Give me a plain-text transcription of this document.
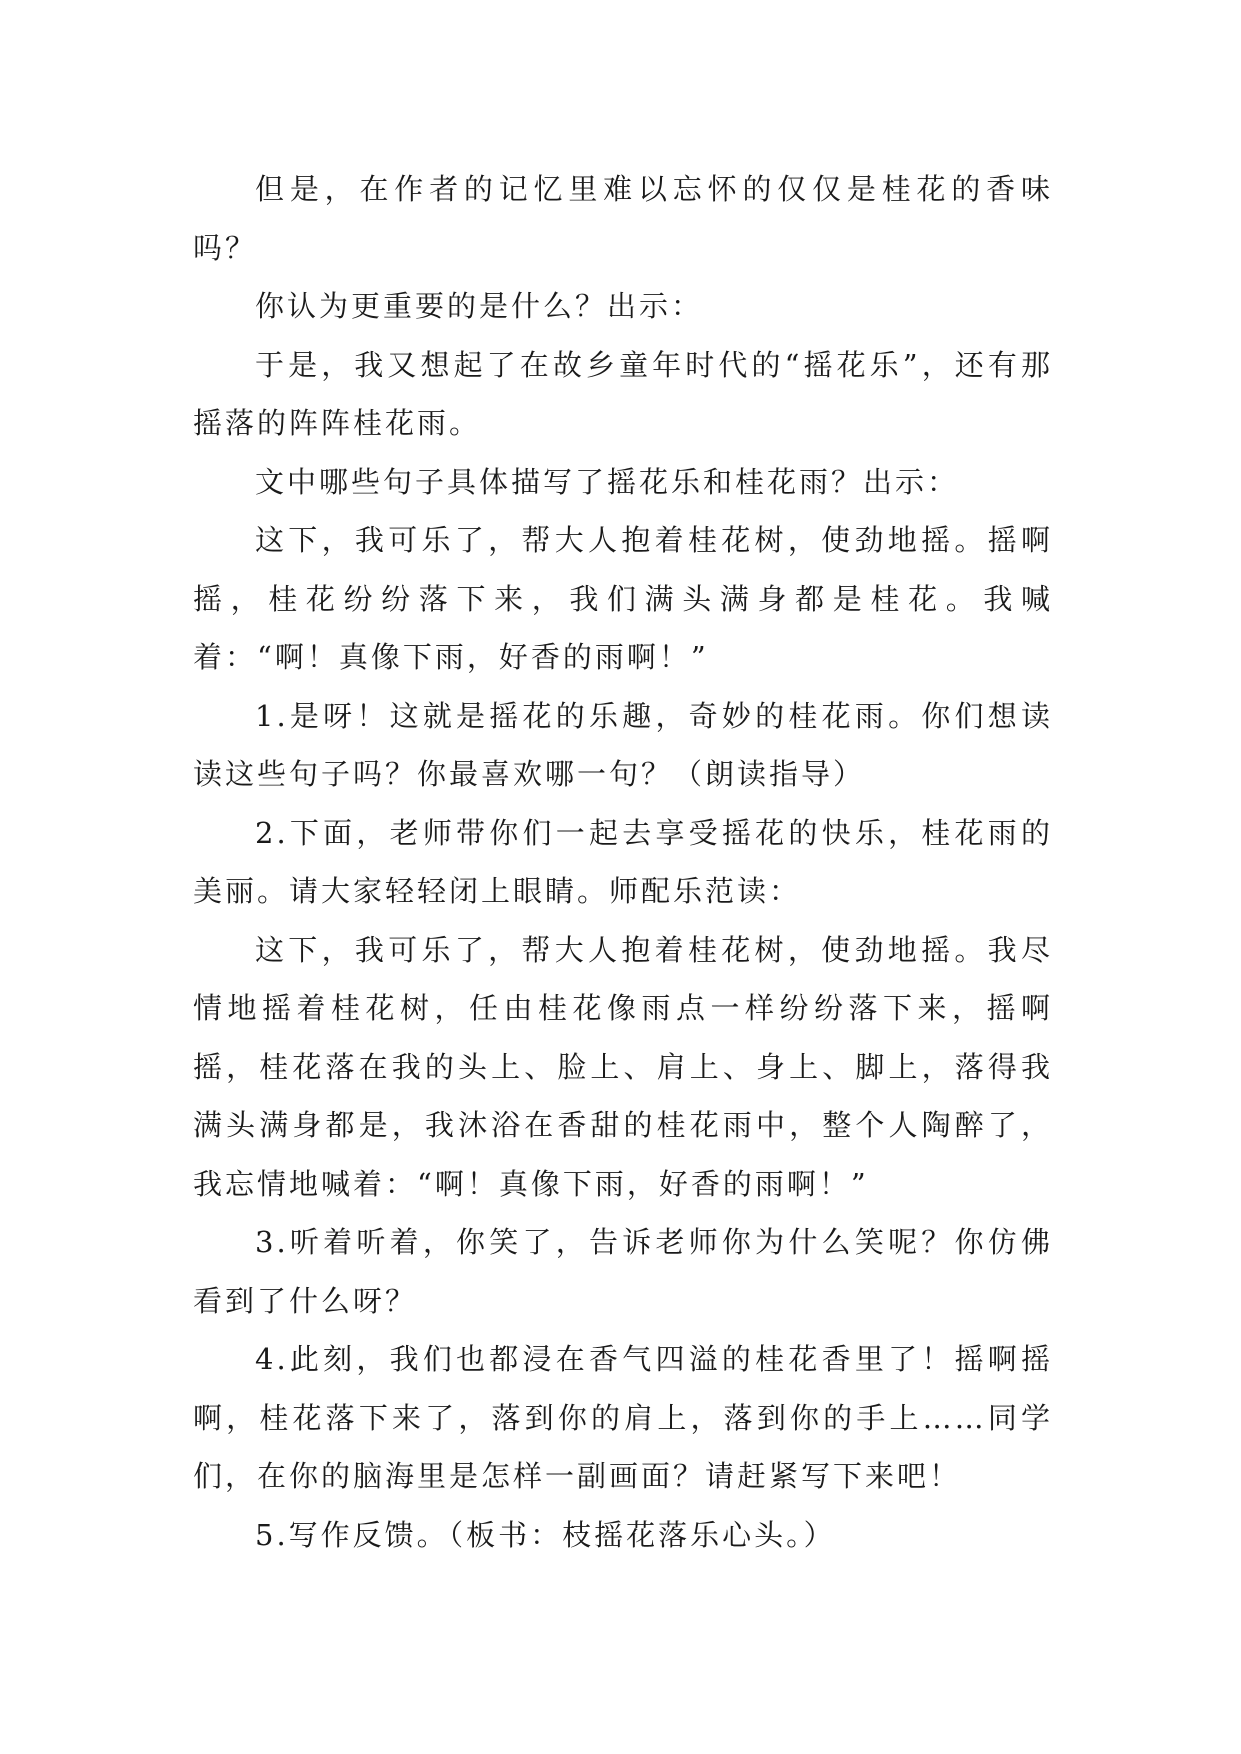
但是，在作者的记忆里难以忘怀的仅仅是桂花的香味吗？

你认为更重要的是什么？出示：

于是，我又想起了在故乡童年时代的“摇花乐”，还有那摇落的阵阵桂花雨。

文中哪些句子具体描写了摇花乐和桂花雨？出示：

这下，我可乐了，帮大人抱着桂花树，使劲地摇。摇啊摇，桂花纷纷落下来，我们满头满身都是桂花。我喊着：“啊！真像下雨，好香的雨啊！”

1.是呀！这就是摇花的乐趣，奇妙的桂花雨。你们想读读这些句子吗？你最喜欢哪一句？（朗读指导）

2.下面，老师带你们一起去享受摇花的快乐，桂花雨的美丽。请大家轻轻闭上眼睛。师配乐范读：

这下，我可乐了，帮大人抱着桂花树，使劲地摇。我尽情地摇着桂花树，任由桂花像雨点一样纷纷落下来，摇啊摇，桂花落在我的头上、脸上、肩上、身上、脚上，落得我满头满身都是，我沐浴在香甜的桂花雨中，整个人陶醉了，我忘情地喊着：“啊！真像下雨，好香的雨啊！”

3.听着听着，你笑了，告诉老师你为什么笑呢？你仿佛看到了什么呀？

4.此刻，我们也都浸在香气四溢的桂花香里了！摇啊摇啊，桂花落下来了，落到你的肩上，落到你的手上……同学们，在你的脑海里是怎样一副画面？请赶紧写下来吧！

5.写作反馈。（板书：枝摇花落乐心头。）
